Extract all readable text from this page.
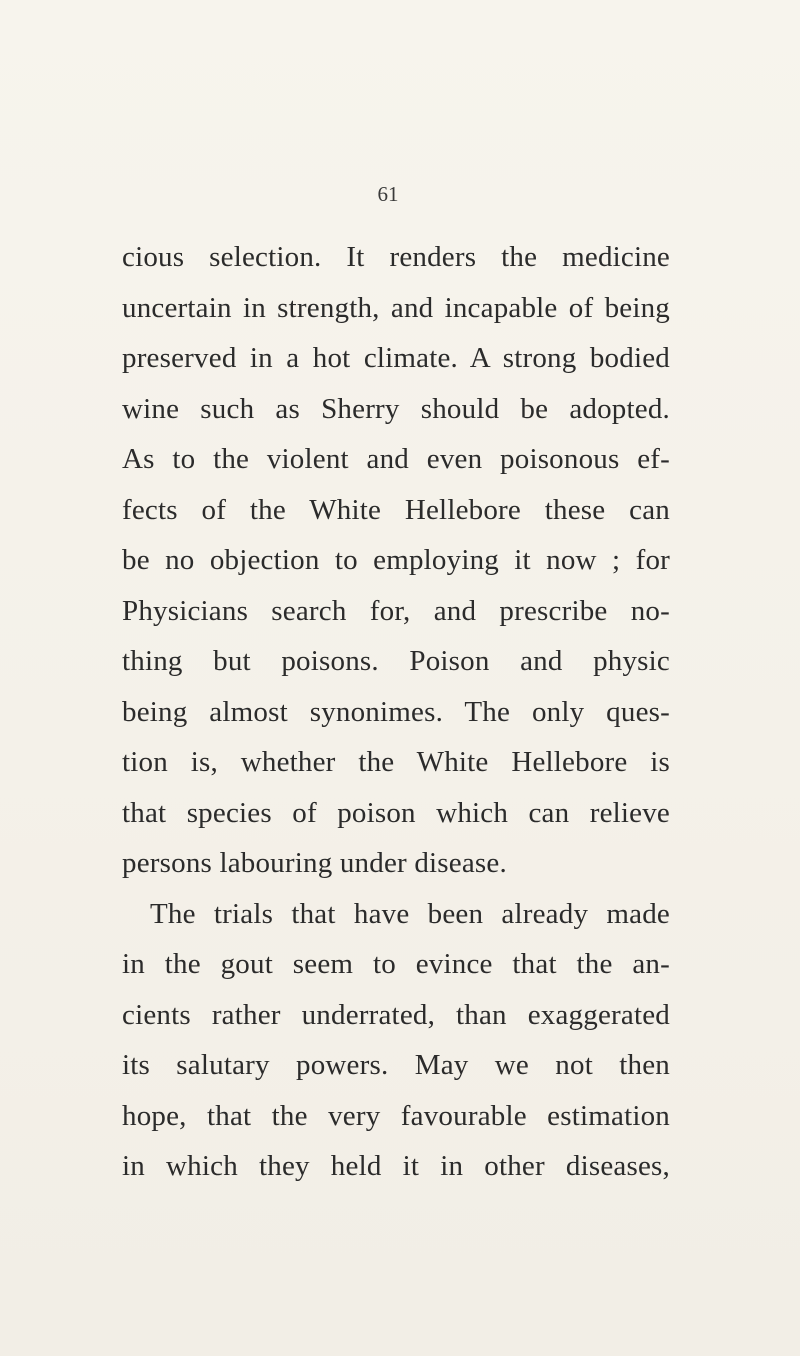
61
cious selection. It renders the medicine
uncertain in strength, and incapable of being
preserved in a hot climate. A strong bodied
wine such as Sherry should be adopted.
As to the violent and even poisonous ef-
fects of the White Hellebore these can
be no objection to employing it now ; for
Physicians search for, and prescribe no-
thing but poisons. Poison and physic
being almost synonimes. The only ques-
tion is, whether the White Hellebore is
that species of poison which can relieve
persons labouring under disease.
The trials that have been already made
in the gout seem to evince that the an-
cients rather underrated, than exaggerated
its salutary powers. May we not then
hope, that the very favourable estimation
in which they held it in other diseases,
